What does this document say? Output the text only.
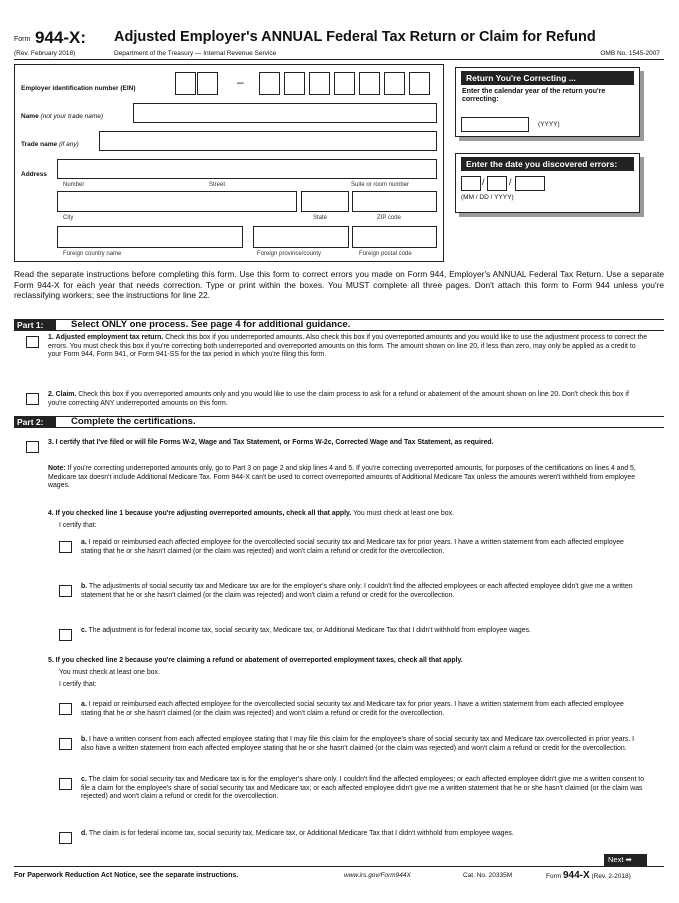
Form 944-X: Adjusted Employer's ANNUAL Federal Tax Return or Claim for Refund
(Rev. February 2018)	Department of the Treasury — Internal Revenue Service	OMB No. 1545-2007
Employer identification number (EIN)	–
Name (not your trade name)
Trade name (if any)
Address
Number	Street	Suite or room number
City	State	ZIP code
Foreign country name	Foreign province/county	Foreign postal code
Return You're Correcting ...
Enter the calendar year of the return you're correcting:
(YYYY)
Enter the date you discovered errors:
/	/
(MM / DD / YYYY)
Read the separate instructions before completing this form. Use this form to correct errors you made on Form 944, Employer's ANNUAL Federal Tax Return. Use a separate Form 944-X for each year that needs correction. Type or print within the boxes. You MUST complete all three pages. Don't attach this form to Form 944 unless you're reclassifying workers; see the instructions for line 22.
Part 1:	Select ONLY one process. See page 4 for additional guidance.
1. Adjusted employment tax return. Check this box if you underreported amounts. Also check this box if you overreported amounts and you would like to use the adjustment process to correct the errors. You must check this box if you're correcting both underreported and overreported amounts on this form. The amount shown on line 20, if less than zero, may only be applied as a credit to your Form 944, Form 941, or Form 941-SS for the tax period in which you're filing this form.
2. Claim. Check this box if you overreported amounts only and you would like to use the claim process to ask for a refund or abatement of the amount shown on line 20. Don't check this box if you're correcting ANY underreported amounts on this form.
Part 2:	Complete the certifications.
3. I certify that I've filed or will file Forms W-2, Wage and Tax Statement, or Forms W-2c, Corrected Wage and Tax Statement, as required.
Note: If you're correcting underreported amounts only, go to Part 3 on page 2 and skip lines 4 and 5. If you're correcting overreported amounts, for purposes of the certifications on lines 4 and 5, Medicare tax doesn't include Additional Medicare Tax. Form 944-X can't be used to correct overreported amounts of Additional Medicare Tax unless the amounts weren't withheld from employee wages.
4. If you checked line 1 because you're adjusting overreported amounts, check all that apply. You must check at least one box.
I certify that:
a. I repaid or reimbursed each affected employee for the overcollected social security tax and Medicare tax for prior years. I have a written statement from each affected employee stating that he or she hasn't claimed (or the claim was rejected) and won't claim a refund or credit for the overcollection.
b. The adjustments of social security tax and Medicare tax are for the employer's share only. I couldn't find the affected employees or each affected employee didn't give me a written statement that he or she hasn't claimed (or the claim was rejected) and won't claim a refund or credit for the overcollection.
c. The adjustment is for federal income tax, social security tax, Medicare tax, or Additional Medicare Tax that I didn't withhold from employee wages.
5. If you checked line 2 because you're claiming a refund or abatement of overreported employment taxes, check all that apply.
You must check at least one box.
I certify that:
a. I repaid or reimbursed each affected employee for the overcollected social security tax and Medicare tax for prior years. I have a written statement from each affected employee stating that he or she hasn't claimed (or the claim was rejected) and won't claim a refund or credit for the overcollection.
b. I have a written consent from each affected employee stating that I may file this claim for the employee's share of social security tax and Medicare tax overcollected in prior years. I also have a written statement from each affected employee stating that he or she hasn't claimed (or the claim was rejected) and won't claim a refund or credit for the overcollection.
c. The claim for social security tax and Medicare tax is for the employer's share only. I couldn't find the affected employees; or each affected employee didn't give me a written consent to file a claim for the employee's share of social security tax and Medicare tax; or each affected employee didn't give me a written statement that he or she hasn't claimed (or the claim was rejected) and won't claim a refund or credit for the overcollection.
d. The claim is for federal income tax, social security tax, Medicare tax, or Additional Medicare Tax that I didn't withhold from employee wages.
Next ➡
For Paperwork Reduction Act Notice, see the separate instructions.	www.irs.gov/Form944X	Cat. No. 20335M	Form 944-X (Rev. 2-2018)
